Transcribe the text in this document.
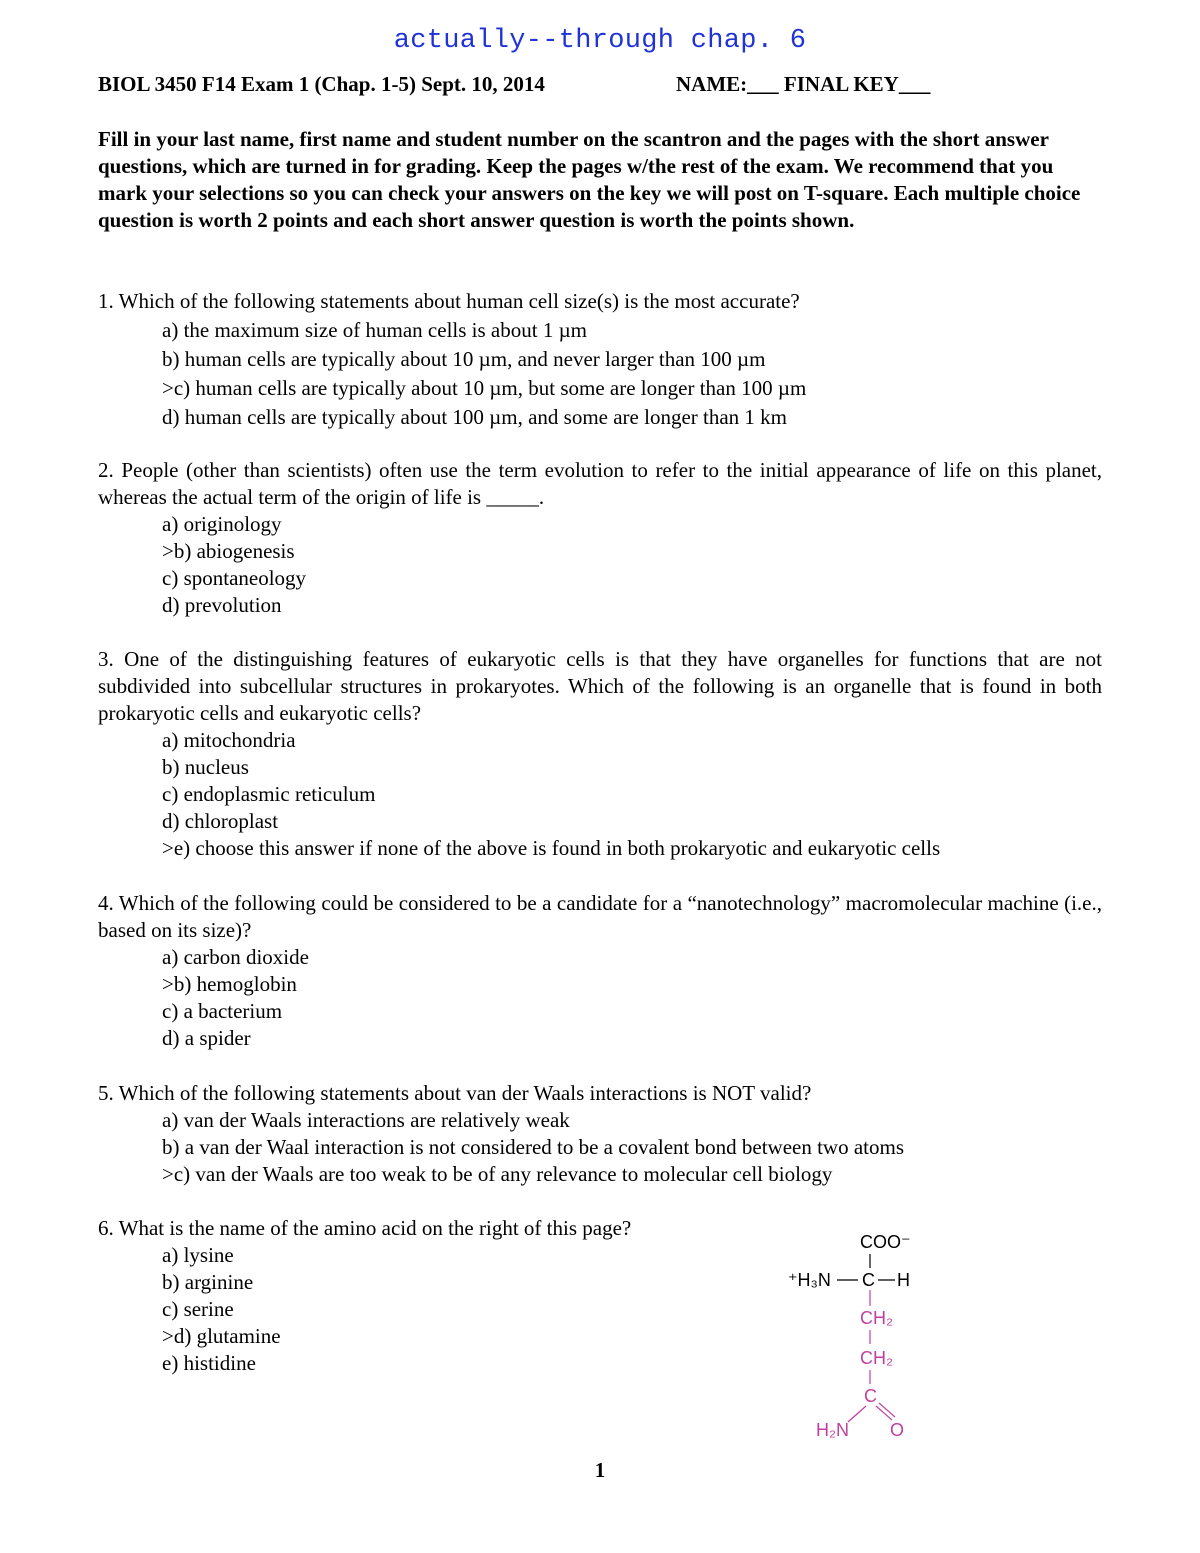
actually--through chap. 6
BIOL 3450 F14 Exam 1 (Chap. 1-5) Sept. 10, 2014	NAME:___ FINAL KEY___
Fill in your last name, first name and student number on the scantron and the pages with the short answer questions, which are turned in for grading. Keep the pages w/the rest of the exam. We recommend that you mark your selections so you can check your answers on the key we will post on T-square. Each multiple choice question is worth 2 points and each short answer question is worth the points shown.
1. Which of the following statements about human cell size(s) is the most accurate?
a) the maximum size of human cells is about 1 µm
b) human cells are typically about 10 µm, and never larger than 100 µm
>c) human cells are typically about 10 µm, but some are longer than 100 µm
d) human cells are typically about 100 µm, and some are longer than 1 km
2. People (other than scientists) often use the term evolution to refer to the initial appearance of life on this planet, whereas the actual term of the origin of life is _____.
a) originology
>b) abiogenesis
c) spontaneology
d) prevolution
3. One of the distinguishing features of eukaryotic cells is that they have organelles for functions that are not subdivided into subcellular structures in prokaryotes. Which of the following is an organelle that is found in both prokaryotic cells and eukaryotic cells?
a) mitochondria
b) nucleus
c) endoplasmic reticulum
d) chloroplast
>e) choose this answer if none of the above is found in both prokaryotic and eukaryotic cells
4. Which of the following could be considered to be a candidate for a “nanotechnology” macromolecular machine (i.e., based on its size)?
a) carbon dioxide
>b) hemoglobin
c) a bacterium
d) a spider
5. Which of the following statements about van der Waals interactions is NOT valid?
a) van der Waals interactions are relatively weak
b) a van der Waal interaction is not considered to be a covalent bond between two atoms
>c) van der Waals are too weak to be of any relevance to molecular cell biology
6. What is the name of the amino acid on the right of this page?
a) lysine
b) arginine
c) serine
>d) glutamine
e) histidine
COO⁻
⁺H₃N C H
CH₂
CH₂
C
H₂N O
1
